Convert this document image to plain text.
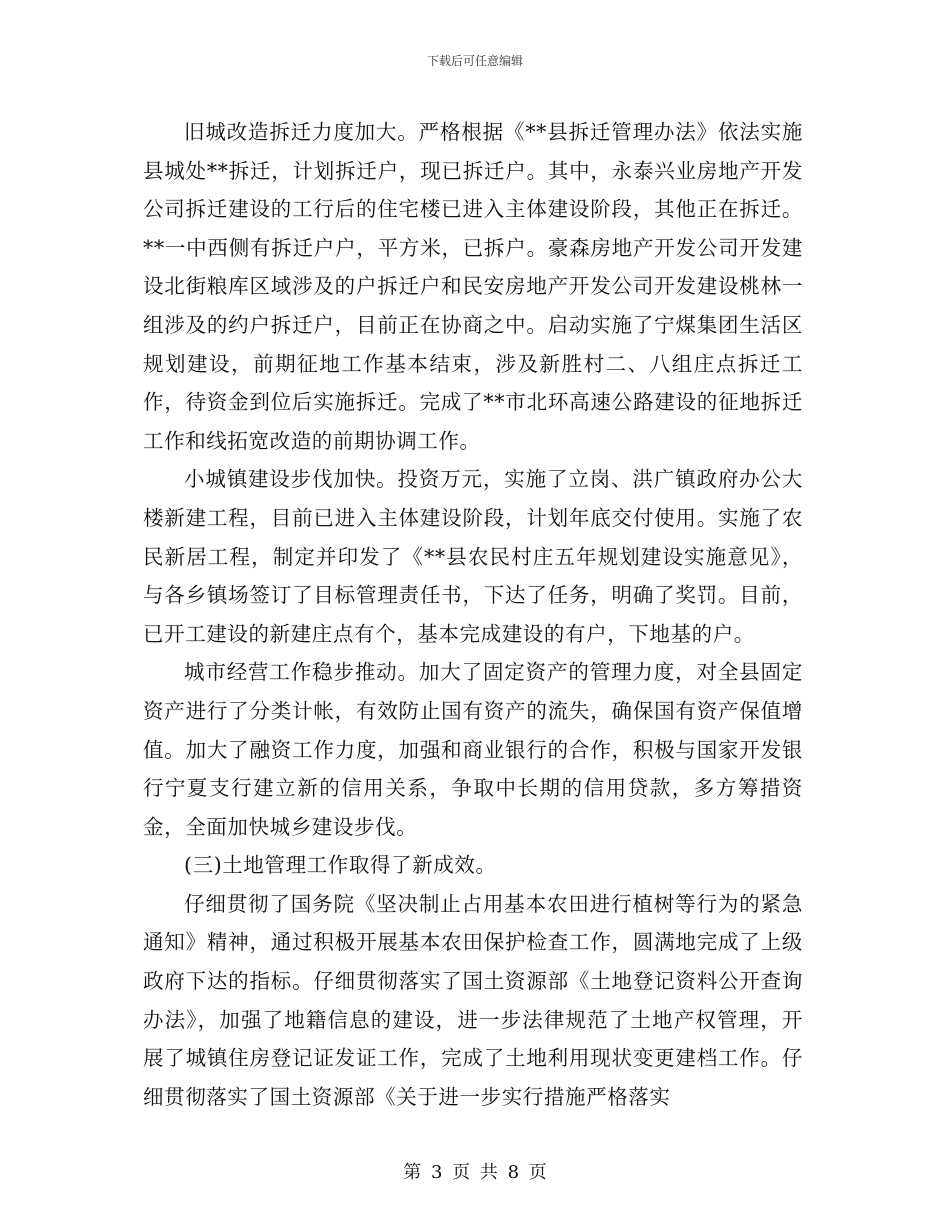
下载后可任意编辑

旧城改造拆迁力度加大。严格根据《**县拆迁管理办法》依法实施县城处**拆迁，计划拆迁户，现已拆迁户。其中，永泰兴业房地产开发公司拆迁建设的工行后的住宅楼已进入主体建设阶段，其他正在拆迁。**一中西侧有拆迁户户，平方米，已拆户。豪森房地产开发公司开发建设北街粮库区域涉及的户拆迁户和民安房地产开发公司开发建设桃林一组涉及的约户拆迁户，目前正在协商之中。启动实施了宁煤集团生活区规划建设，前期征地工作基本结束，涉及新胜村二、八组庄点拆迁工作，待资金到位后实施拆迁。完成了**市北环高速公路建设的征地拆迁工作和线拓宽改造的前期协调工作。

小城镇建设步伐加快。投资万元，实施了立岗、洪广镇政府办公大楼新建工程，目前已进入主体建设阶段，计划年底交付使用。实施了农民新居工程，制定并印发了《**县农民村庄五年规划建设实施意见》，与各乡镇场签订了目标管理责任书，下达了任务，明确了奖罚。目前，已开工建设的新建庄点有个，基本完成建设的有户，下地基的户。

城市经营工作稳步推动。加大了固定资产的管理力度，对全县固定资产进行了分类计帐，有效防止国有资产的流失，确保国有资产保值增值。加大了融资工作力度，加强和商业银行的合作，积极与国家开发银行宁夏支行建立新的信用关系，争取中长期的信用贷款，多方筹措资金，全面加快城乡建设步伐。

(三)土地管理工作取得了新成效。

仔细贯彻了国务院《坚决制止占用基本农田进行植树等行为的紧急通知》精神，通过积极开展基本农田保护检查工作，圆满地完成了上级政府下达的指标。仔细贯彻落实了国土资源部《土地登记资料公开查询办法》，加强了地籍信息的建设，进一步法律规范了土地产权管理，开展了城镇住房登记证发证工作，完成了土地利用现状变更建档工作。仔细贯彻落实了国土资源部《关于进一步实行措施严格落实

第 3 页 共 8 页
